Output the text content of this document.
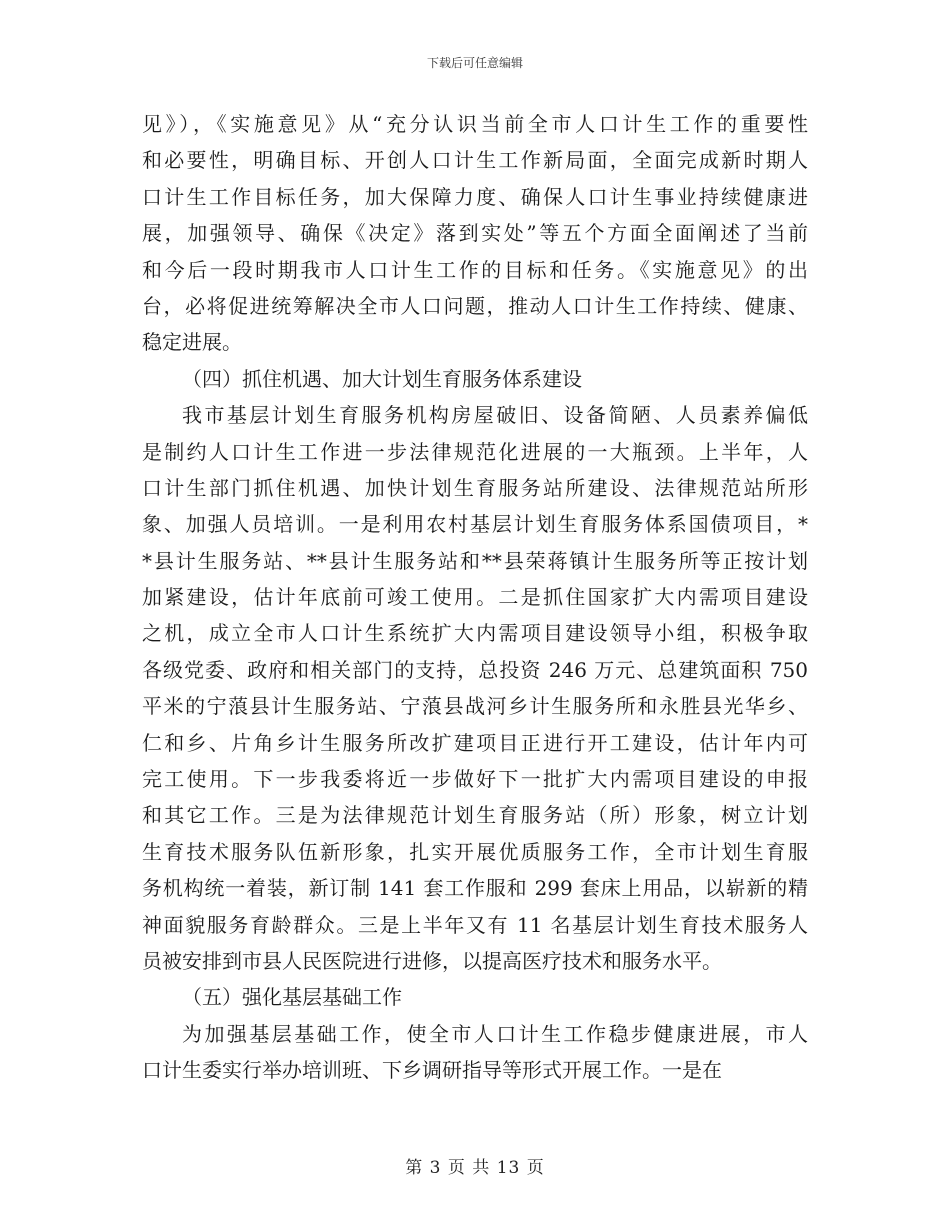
下载后可任意编辑
见》），《实施意见》从“充分认识当前全市人口计生工作的重要性
和必要性，明确目标、开创人口计生工作新局面，全面完成新时期人
口计生工作目标任务，加大保障力度、确保人口计生事业持续健康进
展，加强领导、确保《决定》落到实处”等五个方面全面阐述了当前
和今后一段时期我市人口计生工作的目标和任务。《实施意见》的出
台，必将促进统筹解决全市人口问题，推动人口计生工作持续、健康、
稳定进展。
（四）抓住机遇、加大计划生育服务体系建设
我市基层计划生育服务机构房屋破旧、设备简陋、人员素养偏低
是制约人口计生工作进一步法律规范化进展的一大瓶颈。上半年，人
口计生部门抓住机遇、加快计划生育服务站所建设、法律规范站所形
象、加强人员培训。一是利用农村基层计划生育服务体系国债项目，*
*县计生服务站、**县计生服务站和**县荣蒋镇计生服务所等正按计划
加紧建设，估计年底前可竣工使用。二是抓住国家扩大内需项目建设
之机，成立全市人口计生系统扩大内需项目建设领导小组，积极争取
各级党委、政府和相关部门的支持，总投资 246 万元、总建筑面积 750
平米的宁蒗县计生服务站、宁蒗县战河乡计生服务所和永胜县光华乡、
仁和乡、片角乡计生服务所改扩建项目正进行开工建设，估计年内可
完工使用。下一步我委将近一步做好下一批扩大内需项目建设的申报
和其它工作。三是为法律规范计划生育服务站（所）形象，树立计划
生育技术服务队伍新形象，扎实开展优质服务工作，全市计划生育服
务机构统一着装，新订制 141 套工作服和 299 套床上用品，以崭新的精
神面貌服务育龄群众。三是上半年又有 11 名基层计划生育技术服务人
员被安排到市县人民医院进行进修，以提高医疗技术和服务水平。
（五）强化基层基础工作
为加强基层基础工作，使全市人口计生工作稳步健康进展，市人
口计生委实行举办培训班、下乡调研指导等形式开展工作。一是在
第 3 页 共 13 页
